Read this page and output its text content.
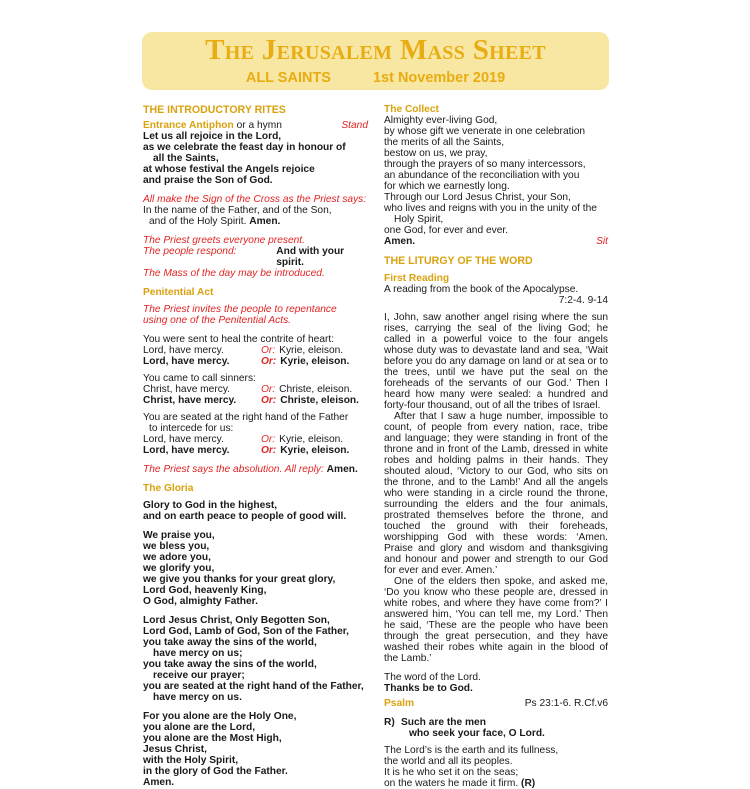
The Jerusalem Mass Sheet
ALL SAINTS	1st November 2019
THE INTRODUCTORY RITES
Entrance Antiphon or a hymn	Stand
Let us all rejoice in the Lord,
as we celebrate the feast day in honour of
all the Saints,
at whose festival the Angels rejoice
and praise the Son of God.
All make the Sign of the Cross as the Priest says:
In the name of the Father, and of the Son,
and of the Holy Spirit. Amen.
The Priest greets everyone present.
The people respond:	And with your spirit.
The Mass of the day may be introduced.
Penitential Act
The Priest invites the people to repentance
using one of the Penitential Acts.
You were sent to heal the contrite of heart:
Lord, have mercy.	Or: Kyrie, eleison.
Lord, have mercy.	Or: Kyrie, eleison.
You came to call sinners:
Christ, have mercy.	Or: Christe, eleison.
Christ, have mercy.	Or: Christe, eleison.
You are seated at the right hand of the Father
to intercede for us:
Lord, have mercy.	Or: Kyrie, eleison.
Lord, have mercy.	Or: Kyrie, eleison.
The Priest says the absolution. All reply: Amen.
The Gloria
Glory to God in the highest,
and on earth peace to people of good will.
We praise you,
we bless you,
we adore you,
we glorify you,
we give you thanks for your great glory,
Lord God, heavenly King,
O God, almighty Father.
Lord Jesus Christ, Only Begotten Son,
Lord God, Lamb of God, Son of the Father,
you take away the sins of the world,
have mercy on us;
you take away the sins of the world,
receive our prayer;
you are seated at the right hand of the Father,
have mercy on us.
For you alone are the Holy One,
you alone are the Lord,
you alone are the Most High,
Jesus Christ,
with the Holy Spirit,
in the glory of God the Father.
Amen.
The Collect
Almighty ever-living God,
by whose gift we venerate in one celebration
the merits of all the Saints,
bestow on us, we pray,
through the prayers of so many intercessors,
an abundance of the reconciliation with you
for which we earnestly long.
Through our Lord Jesus Christ, your Son,
who lives and reigns with you in the unity of the
Holy Spirit,
one God, for ever and ever.
Amen.	Sit
THE LITURGY OF THE WORD
First Reading
A reading from the book of the Apocalypse.
7:2-4. 9-14

I, John, saw another angel rising where the sun rises, carrying the seal of the living God; he called in a powerful voice to the four angels whose duty was to devastate land and sea, ‘Wait before you do any damage on land or at sea or to the trees, until we have put the seal on the foreheads of the servants of our God.’ Then I heard how many were sealed: a hundred and forty-four thousand, out of all the tribes of Israel.

After that I saw a huge number, impossible to count, of people from every nation, race, tribe and language; they were standing in front of the throne and in front of the Lamb, dressed in white robes and holding palms in their hands. They shouted aloud, ‘Victory to our God, who sits on the throne, and to the Lamb!’ And all the angels who were standing in a circle round the throne, surrounding the elders and the four animals, prostrated themselves before the throne, and touched the ground with their foreheads, worshipping God with these words: ‘Amen. Praise and glory and wisdom and thanksgiving and honour and power and strength to our God for ever and ever. Amen.’

One of the elders then spoke, and asked me, ‘Do you know who these people are, dressed in white robes, and where they have come from?’ I answered him, ‘You can tell me, my Lord.’ Then he said, ‘These are the people who have been through the great persecution, and they have washed their robes white again in the blood of the Lamb.’

The word of the Lord.
Thanks be to God.
Psalm	Ps 23:1-6. R.Cf.v6
R) Such are the men
who seek your face, O Lord.
The Lord’s is the earth and its fullness,
the world and all its peoples.
It is he who set it on the seas;
on the waters he made it firm. (R)
